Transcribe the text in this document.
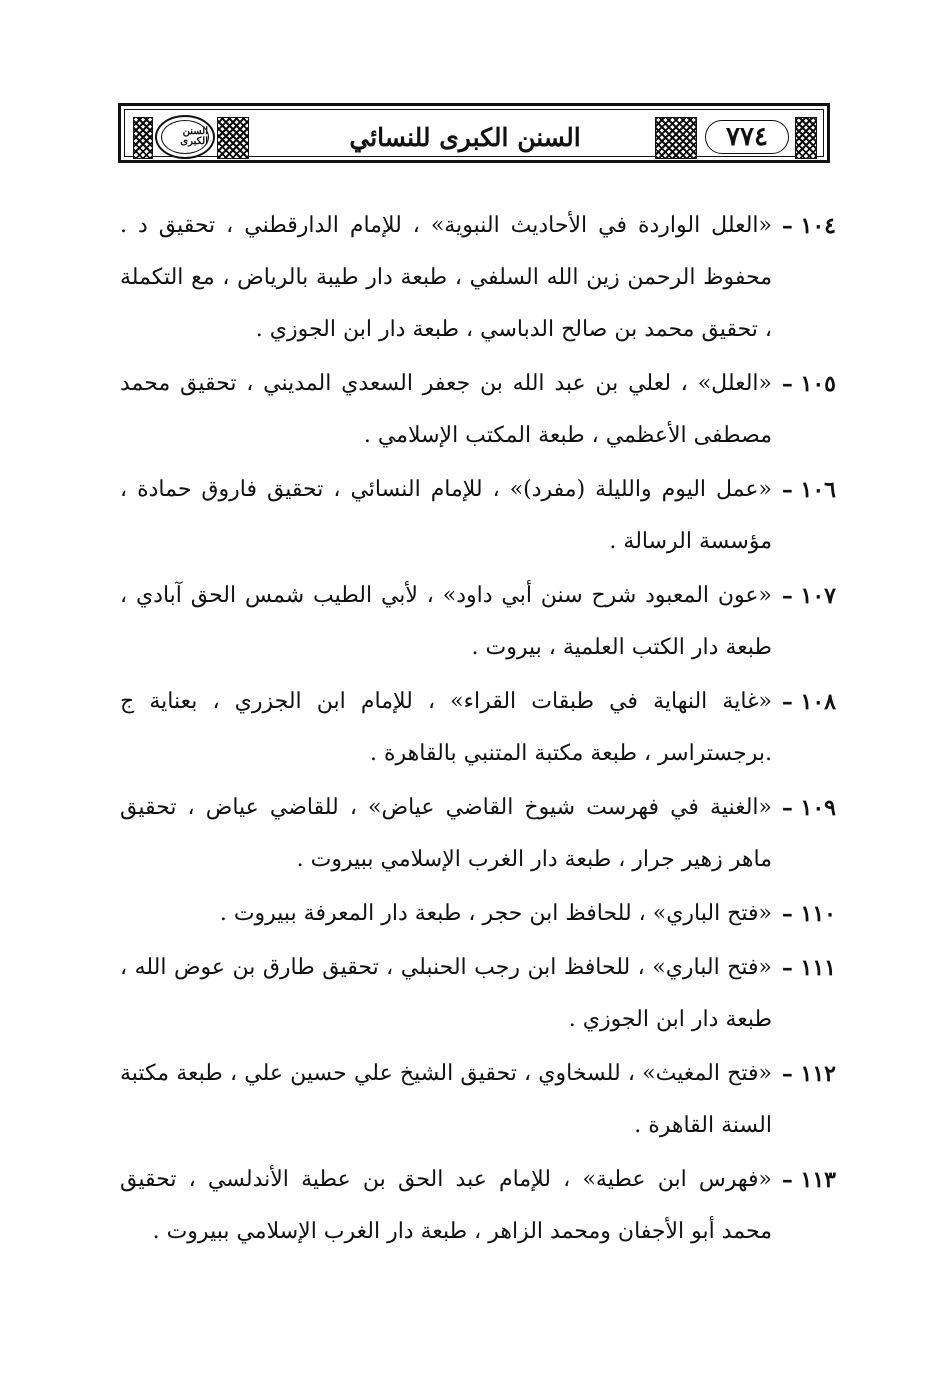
السنن الكبرى	السنن الكبرى للنسائي	٧٧٤
١٠٤ –
«العلل الواردة في الأحاديث النبوية» ، للإمام الدارقطني ، تحقيق د . محفوظ الرحمن زين الله السلفي ، طبعة دار طيبة بالرياض ، مع التكملة ، تحقيق محمد بن صالح الدباسي ، طبعة دار ابن الجوزي .
١٠٥ –
«العلل» ، لعلي بن عبد الله بن جعفر السعدي المديني ، تحقيق محمد مصطفى الأعظمي ، طبعة المكتب الإسلامي .
١٠٦ –
«عمل اليوم والليلة (مفرد)» ، للإمام النسائي ، تحقيق فاروق حمادة ، مؤسسة الرسالة .
١٠٧ –
«عون المعبود شرح سنن أبي داود» ، لأبي الطيب شمس الحق آبادي ، طبعة دار الكتب العلمية ، بيروت .
١٠٨ –
«غاية النهاية في طبقات القراء» ، للإمام ابن الجزري ، بعناية ج .برجستراسر ، طبعة مكتبة المتنبي بالقاهرة .
١٠٩ –
«الغنية في فهرست شيوخ القاضي عياض» ، للقاضي عياض ، تحقيق ماهر زهير جرار ، طبعة دار الغرب الإسلامي ببيروت .
١١٠ –
«فتح الباري» ، للحافظ ابن حجر ، طبعة دار المعرفة ببيروت .
١١١ –
«فتح الباري» ، للحافظ ابن رجب الحنبلي ، تحقيق طارق بن عوض الله ، طبعة دار ابن الجوزي .
١١٢ –
«فتح المغيث» ، للسخاوي ، تحقيق الشيخ علي حسين علي ، طبعة مكتبة السنة القاهرة .
١١٣ –
«فهرس ابن عطية» ، للإمام عبد الحق بن عطية الأندلسي ، تحقيق محمد أبو الأجفان ومحمد الزاهر ، طبعة دار الغرب الإسلامي ببيروت .
